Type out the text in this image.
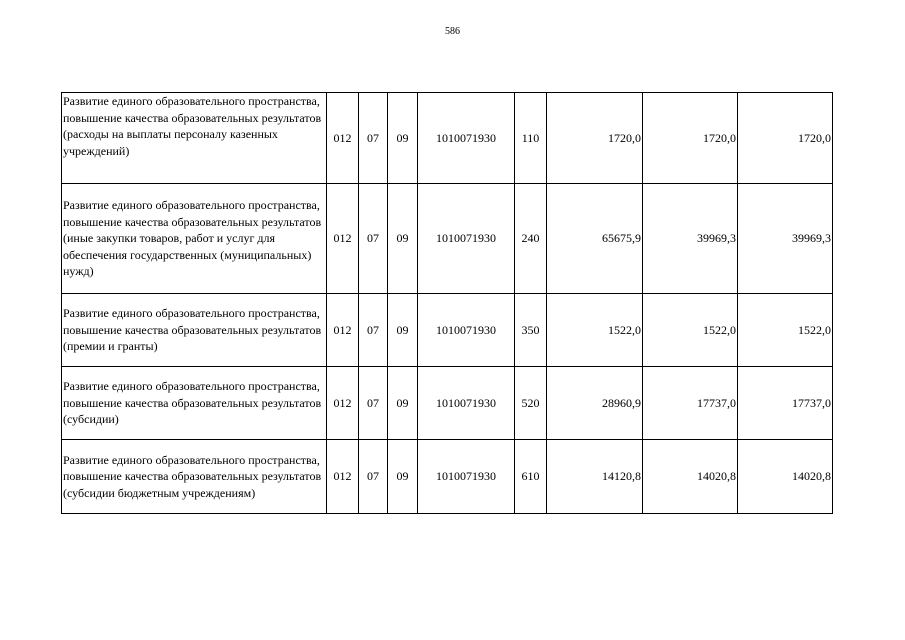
586
Развитие единого образовательного пространства, повышение качества образовательных результатов (расходы на выплаты персоналу казенных учреждений)	012	07	09	1010071930	110	1720,0	1720,0	1720,0
Развитие единого образовательного пространства, повышение качества образовательных результатов (иные закупки товаров, работ и услуг для обеспечения государственных (муниципальных) нужд)	012	07	09	1010071930	240	65675,9	39969,3	39969,3
Развитие единого образовательного пространства, повышение качества образовательных результатов (премии и гранты)	012	07	09	1010071930	350	1522,0	1522,0	1522,0
Развитие единого образовательного пространства, повышение качества образовательных результатов (субсидии)	012	07	09	1010071930	520	28960,9	17737,0	17737,0
Развитие единого образовательного пространства, повышение качества образовательных результатов (субсидии бюджетным учреждениям)	012	07	09	1010071930	610	14120,8	14020,8	14020,8
